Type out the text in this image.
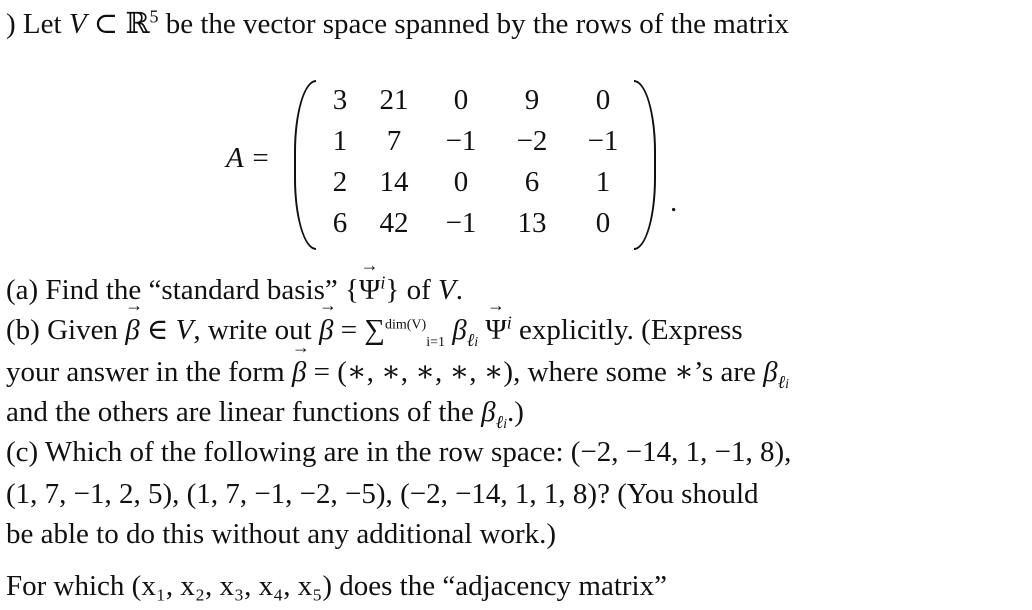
) Let V ⊂ ℝ$^5$ be the vector space spanned by the rows of the matrix
A =
3	21	0	9	0
1	7	−1	−2	−1
2	14	0	6	1
6	42	−1	13	0
.
(a) Find the “standard basis” {→ $\Psi^i$} of V.
(b) Given → β ∈ V, write out → β = ∑$^{dim(V)}_{i=1}$ $\beta_{\ell i} \to \Psi^i$ explicitly. (Express
your answer in the form → β = (∗, ∗, ∗, ∗, ∗), where some ∗’s are $\beta_{\ell i}$
and the others are linear functions of the $\beta_{\ell i}$.)
(c) Which of the following are in the row space: (−2, −14, 1, −1, 8),
(1, 7, −1, 2, 5), (1, 7, −1, −2, −5), (−2, −14, 1, 1, 8)? (You should
be able to do this without any additional work.)
For which (x₁, x₂, x₃, x₄, x₅) does the “adjacency matrix”
